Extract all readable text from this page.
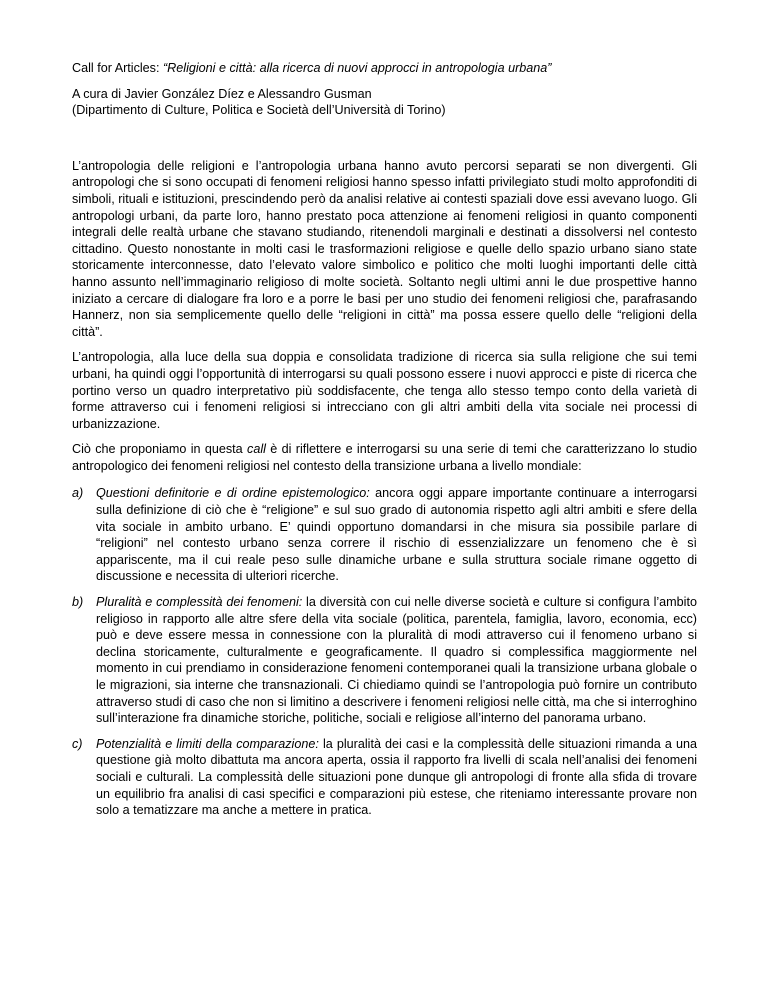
Call for Articles: “Religioni e città: alla ricerca di nuovi approcci in antropologia urbana”
A cura di Javier González Díez e Alessandro Gusman
(Dipartimento di Culture, Politica e Società dell’Università di Torino)

L’antropologia delle religioni e l’antropologia urbana hanno avuto percorsi separati se non divergenti. Gli antropologi che si sono occupati di fenomeni religiosi hanno spesso infatti privilegiato studi molto approfonditi di simboli, rituali e istituzioni, prescindendo però da analisi relative ai contesti spaziali dove essi avevano luogo. Gli antropologi urbani, da parte loro, hanno prestato poca attenzione ai fenomeni religiosi in quanto componenti integrali delle realtà urbane che stavano studiando, ritenendoli marginali e destinati a dissolversi nel contesto cittadino. Questo nonostante in molti casi le trasformazioni religiose e quelle dello spazio urbano siano state storicamente interconnesse, dato l’elevato valore simbolico e politico che molti luoghi importanti delle città hanno assunto nell’immaginario religioso di molte società. Soltanto negli ultimi anni le due prospettive hanno iniziato a cercare di dialogare fra loro e a porre le basi per uno studio dei fenomeni religiosi che, parafrasando Hannerz, non sia semplicemente quello delle “religioni in città” ma possa essere quello delle “religioni della città”.

L’antropologia, alla luce della sua doppia e consolidata tradizione di ricerca sia sulla religione che sui temi urbani, ha quindi oggi l’opportunità di interrogarsi su quali possono essere i nuovi approcci e piste di ricerca che portino verso un quadro interpretativo più soddisfacente, che tenga allo stesso tempo conto della varietà di forme attraverso cui i fenomeni religiosi si intrecciano con gli altri ambiti della vita sociale nei processi di urbanizzazione.

Ciò che proponiamo in questa call è di riflettere e interrogarsi su una serie di temi che caratterizzano lo studio antropologico dei fenomeni religiosi nel contesto della transizione urbana a livello mondiale:

a)	Questioni definitorie e di ordine epistemologico: ancora oggi appare importante continuare a interrogarsi sulla definizione di ciò che è “religione” e sul suo grado di autonomia rispetto agli altri ambiti e sfere della vita sociale in ambito urbano. E’ quindi opportuno domandarsi in che misura sia possibile parlare di “religioni” nel contesto urbano senza correre il rischio di essenzializzare un fenomeno che è sì appariscente, ma il cui reale peso sulle dinamiche urbane e sulla struttura sociale rimane oggetto di discussione e necessita di ulteriori ricerche.
b)	Pluralità e complessità dei fenomeni: la diversità con cui nelle diverse società e culture si configura l’ambito religioso in rapporto alle altre sfere della vita sociale (politica, parentela, famiglia, lavoro, economia, ecc) può e deve essere messa in connessione con la pluralità di modi attraverso cui il fenomeno urbano si declina storicamente, culturalmente e geograficamente. Il quadro si complessifica maggiormente nel momento in cui prendiamo in considerazione fenomeni contemporanei quali la transizione urbana globale o le migrazioni, sia interne che transnazionali. Ci chiediamo quindi se l’antropologia può fornire un contributo attraverso studi di caso che non si limitino a descrivere i fenomeni religiosi nelle città, ma che si interroghino sull’interazione fra dinamiche storiche, politiche, sociali e religiose all’interno del panorama urbano.
c)	Potenzialità e limiti della comparazione: la pluralità dei casi e la complessità delle situazioni rimanda a una questione già molto dibattuta ma ancora aperta, ossia il rapporto fra livelli di scala nell’analisi dei fenomeni sociali e culturali. La complessità delle situazioni pone dunque gli antropologi di fronte alla sfida di trovare un equilibrio fra analisi di casi specifici e comparazioni più estese, che riteniamo interessante provare non solo a tematizzare ma anche a mettere in pratica.
